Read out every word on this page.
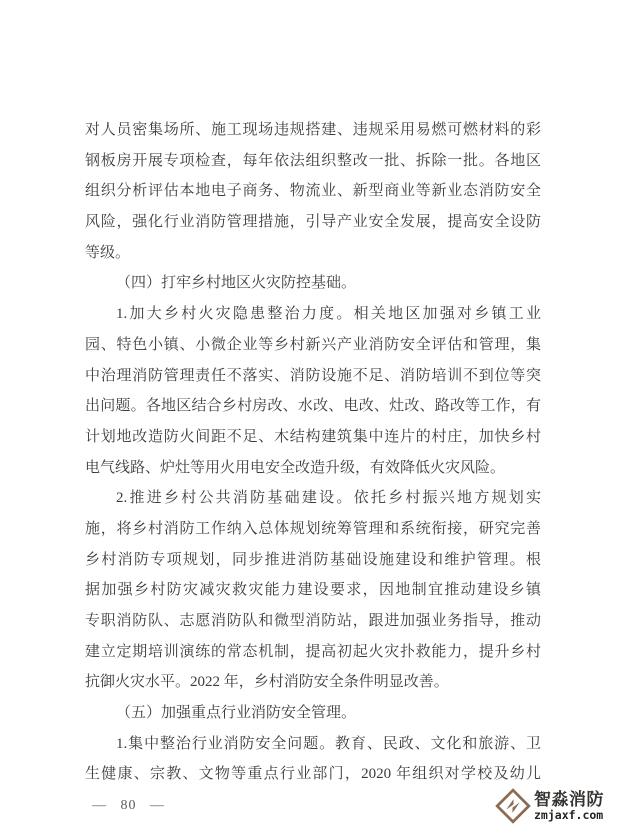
对人员密集场所、施工现场违规搭建、违规采用易燃可燃材料的彩
钢板房开展专项检查，每年依法组织整改一批、拆除一批。各地区
组织分析评估本地电子商务、物流业、新型商业等新业态消防安全
风险，强化行业消防管理措施，引导产业安全发展，提高安全设防
等级。
（四）打牢乡村地区火灾防控基础。
1.加大乡村火灾隐患整治力度。相关地区加强对乡镇工业
园、特色小镇、小微企业等乡村新兴产业消防安全评估和管理，集
中治理消防管理责任不落实、消防设施不足、消防培训不到位等突
出问题。各地区结合乡村房改、水改、电改、灶改、路改等工作，有
计划地改造防火间距不足、木结构建筑集中连片的村庄，加快乡村
电气线路、炉灶等用火用电安全改造升级，有效降低火灾风险。
2.推进乡村公共消防基础建设。依托乡村振兴地方规划实
施，将乡村消防工作纳入总体规划统筹管理和系统衔接，研究完善
乡村消防专项规划，同步推进消防基础设施建设和维护管理。根
据加强乡村防灾减灾救灾能力建设要求，因地制宜推动建设乡镇
专职消防队、志愿消防队和微型消防站，跟进加强业务指导，推动
建立定期培训演练的常态机制，提高初起火灾扑救能力，提升乡村
抗御火灾水平。2022 年，乡村消防安全条件明显改善。
（五）加强重点行业消防安全管理。
1.集中整治行业消防安全问题。教育、民政、文化和旅游、卫
生健康、宗教、文物等重点行业部门，2020 年组织对学校及幼儿
— 80 —	智淼消防
zmjaxf.com
